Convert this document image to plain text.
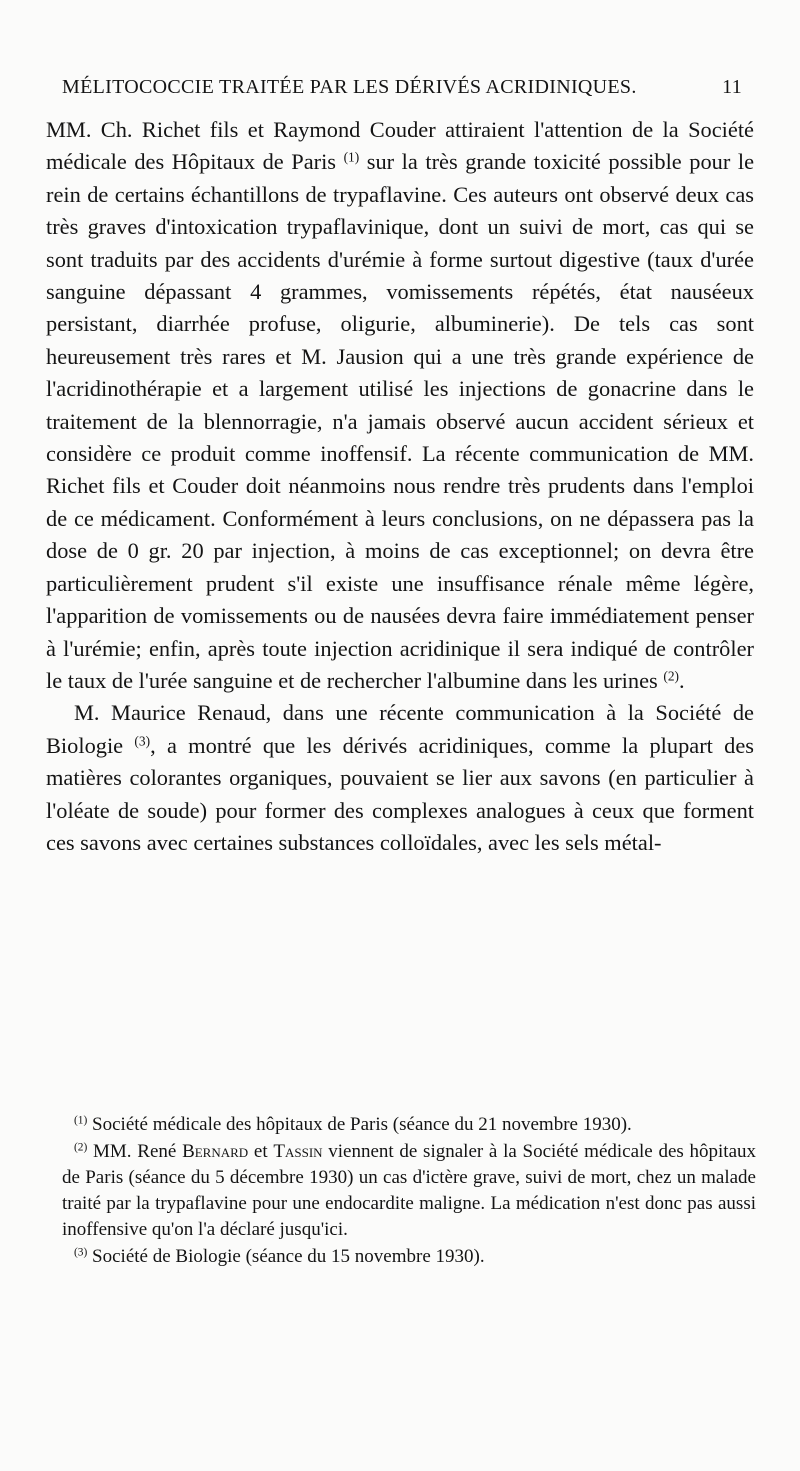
MÉLITOCOCCIE TRAITÉE PAR LES DÉRIVÉS ACRIDINIQUES.	11

MM. Ch. Richet fils et Raymond Couder attiraient l'attention de la Société médicale des Hôpitaux de Paris $^{(1)}$ sur la très grande toxicité possible pour le rein de certains échantillons de trypaflavine. Ces auteurs ont observé deux cas très graves d'intoxication trypaflavinique, dont un suivi de mort, cas qui se sont traduits par des accidents d'urémie à forme surtout digestive (taux d'urée sanguine dépassant 4 grammes, vomissements répétés, état nauséeux persistant, diarrhée profuse, oligurie, albuminerie). De tels cas sont heureusement très rares et M. Jausion qui a une très grande expérience de l'acridinothérapie et a largement utilisé les injections de gonacrine dans le traitement de la blennorragie, n'a jamais observé aucun accident sérieux et considère ce produit comme inoffensif. La récente communication de MM. Richet fils et Couder doit néanmoins nous rendre très prudents dans l'emploi de ce médicament. Conformément à leurs conclusions, on ne dépassera pas la dose de 0 gr. 20 par injection, à moins de cas exceptionnel; on devra être particulièrement prudent s'il existe une insuffisance rénale même légère, l'apparition de vomissements ou de nausées devra faire immédiatement penser à l'urémie; enfin, après toute injection acridinique il sera indiqué de contrôler le taux de l'urée sanguine et de rechercher l'albumine dans les urines $^{(2)}$.

M. Maurice Renaud, dans une récente communication à la Société de Biologie $^{(3)}$, a montré que les dérivés acridiniques, comme la plupart des matières colorantes organiques, pouvaient se lier aux savons (en particulier à l'oléate de soude) pour former des complexes analogues à ceux que forment ces savons avec certaines substances colloïdales, avec les sels métal-

$^{(1)}$ Société médicale des hôpitaux de Paris (séance du 21 novembre 1930).

$^{(2)}$ MM. René Bernard et Tassin viennent de signaler à la Société médicale des hôpitaux de Paris (séance du 5 décembre 1930) un cas d'ictère grave, suivi de mort, chez un malade traité par la trypaflavine pour une endocardite maligne. La médication n'est donc pas aussi inoffensive qu'on l'a déclaré jusqu'ici.

$^{(3)}$ Société de Biologie (séance du 15 novembre 1930).
